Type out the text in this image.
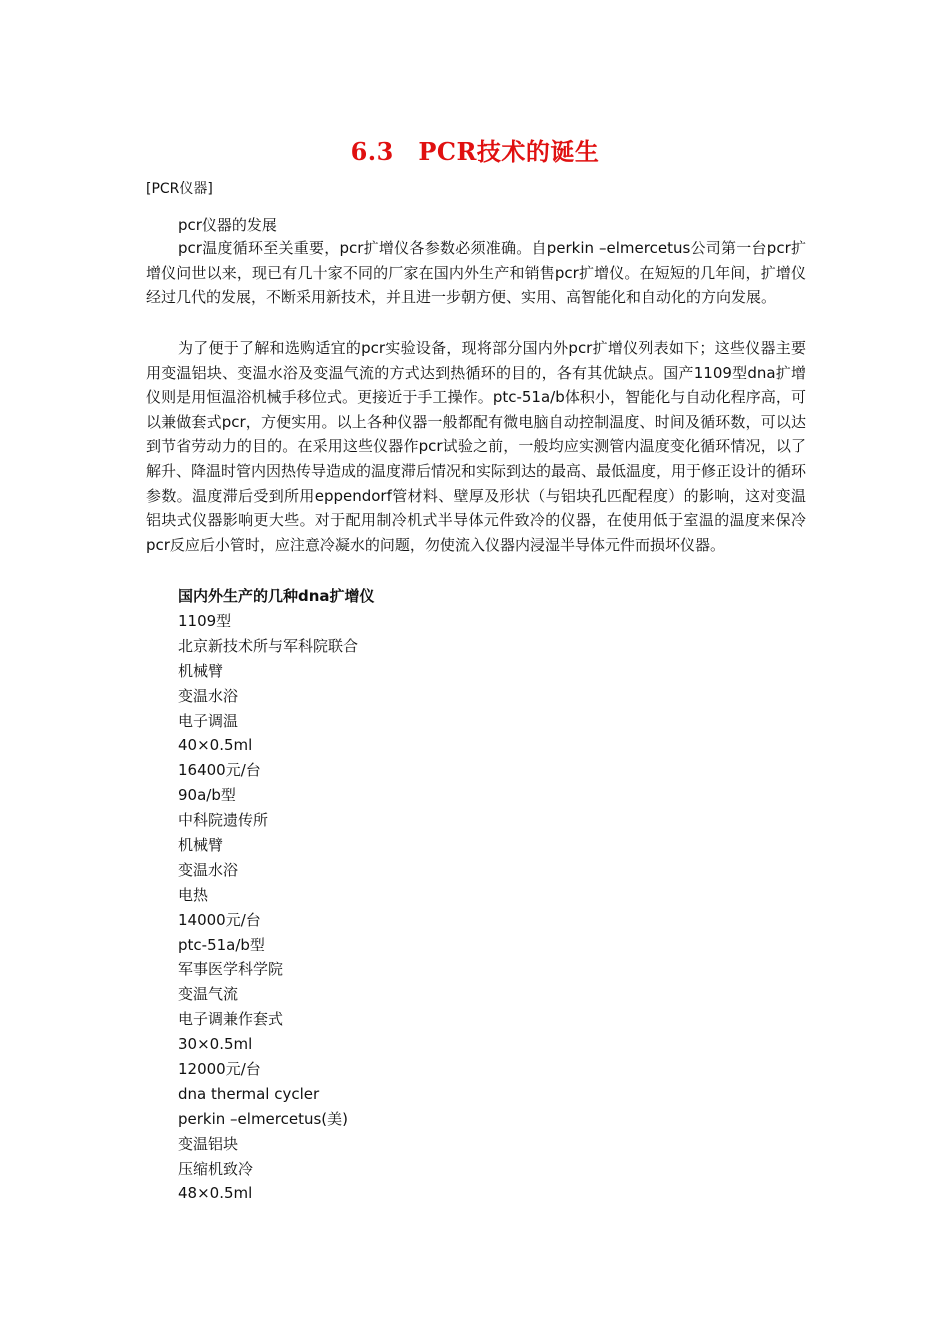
6.3　PCR技术的诞生
[PCR仪器]
pcr仪器的发展

pcr温度循环至关重要，pcr扩增仪各参数必须准确。自perkin –elmercetus公司第一台pcr扩增仪问世以来，现已有几十家不同的厂家在国内外生产和销售pcr扩增仪。在短短的几年间，扩增仪经过几代的发展，不断采用新技术，并且进一步朝方便、实用、高智能化和自动化的方向发展。

为了便于了解和选购适宜的pcr实验设备，现将部分国内外pcr扩增仪列表如下；这些仪器主要用变温铝块、变温水浴及变温气流的方式达到热循环的目的，各有其优缺点。国产1109型dna扩增仪则是用恒温浴机械手移位式。更接近于手工操作。ptc-51a/b体积小，智能化与自动化程序高，可以兼做套式pcr，方便实用。以上各种仪器一般都配有微电脑自动控制温度、时间及循环数，可以达到节省劳动力的目的。在采用这些仪器作pcr试验之前，一般均应实测管内温度变化循环情况，以了解升、降温时管内因热传导造成的温度滞后情况和实际到达的最高、最低温度，用于修正设计的循环参数。温度滞后受到所用eppendorf管材料、壁厚及形状（与铝块孔匹配程度）的影响，这对变温铝块式仪器影响更大些。对于配用制冷机式半导体元件致冷的仪器，在使用低于室温的温度来保冷pcr反应后小管时，应注意冷凝水的问题，勿使流入仪器内浸湿半导体元件而损坏仪器。

国内外生产的几种dna扩增仪
1109型
北京新技术所与军科院联合
机械臂
变温水浴
电子调温
40×0.5ml
16400元/台
90a/b型
中科院遗传所
机械臂
变温水浴
电热
14000元/台
ptc-51a/b型
军事医学科学院
变温气流
电子调兼作套式
30×0.5ml
12000元/台
dna thermal cycler
perkin –elmercetus(美)
变温铝块
压缩机致冷
48×0.5ml
